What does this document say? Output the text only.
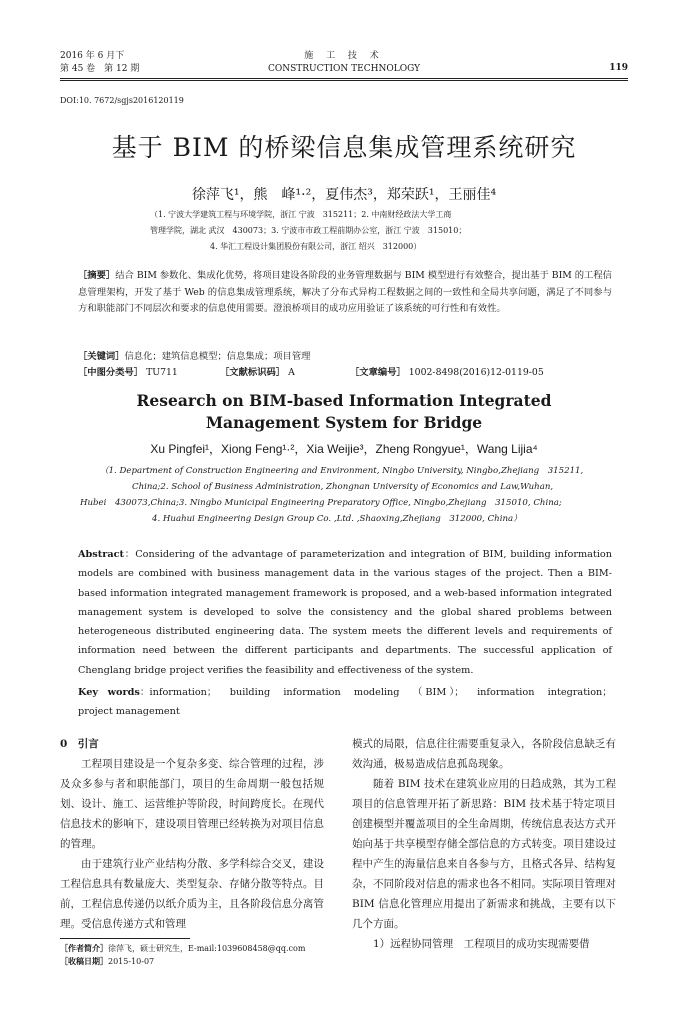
2016 年 6 月下
第 45 卷　第 12 期
施 工 技 术
CONSTRUCTION TECHNOLOGY	119
DOI:10. 7672/sgjs2016120119
基于 BIM 的桥梁信息集成管理系统研究
徐萍飞¹，熊　峰¹·²，夏伟杰³，郑荣跃¹，王丽佳⁴
（1. 宁波大学建筑工程与环境学院，浙江 宁波　315211；2. 中南财经政法大学工商
管理学院，湖北 武汉　430073；3. 宁波市市政工程前期办公室，浙江 宁波　315010；
4. 华汇工程设计集团股份有限公司，浙江 绍兴　312000）
［摘要］结合 BIM 参数化、集成化优势，将项目建设各阶段的业务管理数据与 BIM 模型进行有效整合，提出基于 BIM 的工程信息管理架构，开发了基于 Web 的信息集成管理系统，解决了分布式异构工程数据之间的一致性和全局共享问题，满足了不同参与方和职能部门不同层次和要求的信息使用需要。澄浪桥项目的成功应用验证了该系统的可行性和有效性。
［关键词］信息化；建筑信息模型；信息集成；项目管理
［中图分类号］ TU711	［文献标识码］ A	［文章编号］ 1002-8498(2016)12-0119-05
Research on BIM-based Information Integrated
Management System for Bridge
Xu Pingfei¹，Xiong Feng¹·²，Xia Weijie³，Zheng Rongyue¹，Wang Lijia⁴
（1. Department of Construction Engineering and Environment, Ningbo University, Ningbo,Zhejiang　315211,
China;2. School of Business Administration, Zhongnan University of Economics and Law,Wuhan,
Hubei　430073,China;3. Ningbo Municipal Engineering Preparatory Office, Ningbo,Zhejiang　315010, China;
4. Huahui Engineering Design Group Co. ,Ltd. ,Shaoxing,Zhejiang　312000, China）
Abstract：Considering of the advantage of parameterization and integration of BIM, building information models are combined with business management data in the various stages of the project. Then a BIM-based information integrated management framework is proposed, and a web-based information integrated management system is developed to solve the consistency and the global shared problems between heterogeneous distributed engineering data. The system meets the different levels and requirements of information need between the different participants and departments. The successful application of Chenglang bridge project verifies the feasibility and effectiveness of the system.
Key　words：information； building information modeling （ BIM ）； information integration；
project management
0　引言

工程项目建设是一个复杂多变、综合管理的过程，涉及众多参与者和职能部门，项目的生命周期一般包括规划、设计、施工、运营维护等阶段，时间跨度长。在现代信息技术的影响下，建设项目管理已经转换为对项目信息的管理。

由于建筑行业产业结构分散、多学科综合交叉，建设工程信息具有数量庞大、类型复杂、存储分散等特点。目前，工程信息传递仍以纸介质为主，且各阶段信息分离管理。受信息传递方式和管理

模式的局限，信息往往需要重复录入，各阶段信息缺乏有效沟通，极易造成信息孤岛现象。

随着 BIM 技术在建筑业应用的日趋成熟，其为工程项目的信息管理开拓了新思路：BIM 技术基于特定项目创建模型并覆盖项目的全生命周期，传统信息表达方式开始向基于共享模型存储全部信息的方式转变。项目建设过程中产生的海量信息来自各参与方，且格式各异、结构复杂，不同阶段对信息的需求也各不相同。实际项目管理对 BIM 信息化管理应用提出了新需求和挑战，主要有以下几个方面。

1）远程协同管理　工程项目的成功实现需要借

［作者简介］徐萍飞，硕士研究生，E-mail:1039608458@qq.com
［收稿日期］2015-10-07
